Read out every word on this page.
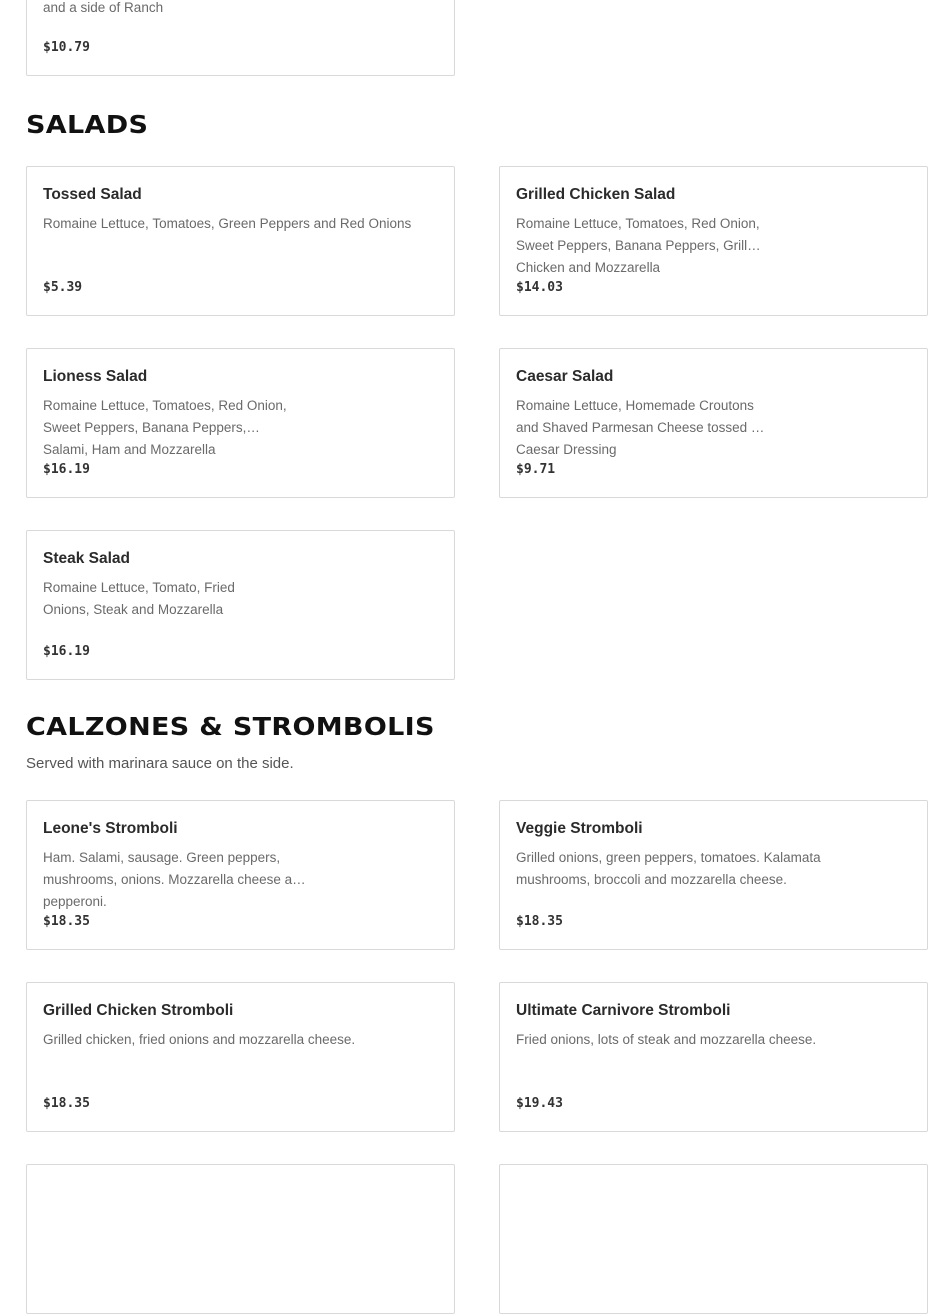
and a side of Ranch
$10.79
SALADS
Tossed Salad
Romaine Lettuce, Tomatoes, Green Peppers and Red Onions
$5.39
Grilled Chicken Salad
Romaine Lettuce, Tomatoes, Red Onion, Sweet Peppers, Banana Peppers, Grilled Chicken and Mozzarella
$14.03
Lioness Salad
Romaine Lettuce, Tomatoes, Red Onion, Sweet Peppers, Banana Peppers, Salami, Ham and Mozzarella
$16.19
Caesar Salad
Romaine Lettuce, Homemade Croutons and Shaved Parmesan Cheese tossed in Caesar Dressing
$9.71
Steak Salad
Romaine Lettuce, Tomato, Fried Onions, Steak and Mozzarella
$16.19
CALZONES & STROMBOLIS
Served with marinara sauce on the side.
Leone's Stromboli
Ham. Salami, sausage. Green peppers, mushrooms, onions. Mozzarella cheese and pepperoni.
$18.35
Veggie Stromboli
Grilled onions, green peppers, tomatoes. Kalamata mushrooms, broccoli and mozzarella cheese.
$18.35
Grilled Chicken Stromboli
Grilled chicken, fried onions and mozzarella cheese.
$18.35
Ultimate Carnivore Stromboli
Fried onions, lots of steak and mozzarella cheese.
$19.43
